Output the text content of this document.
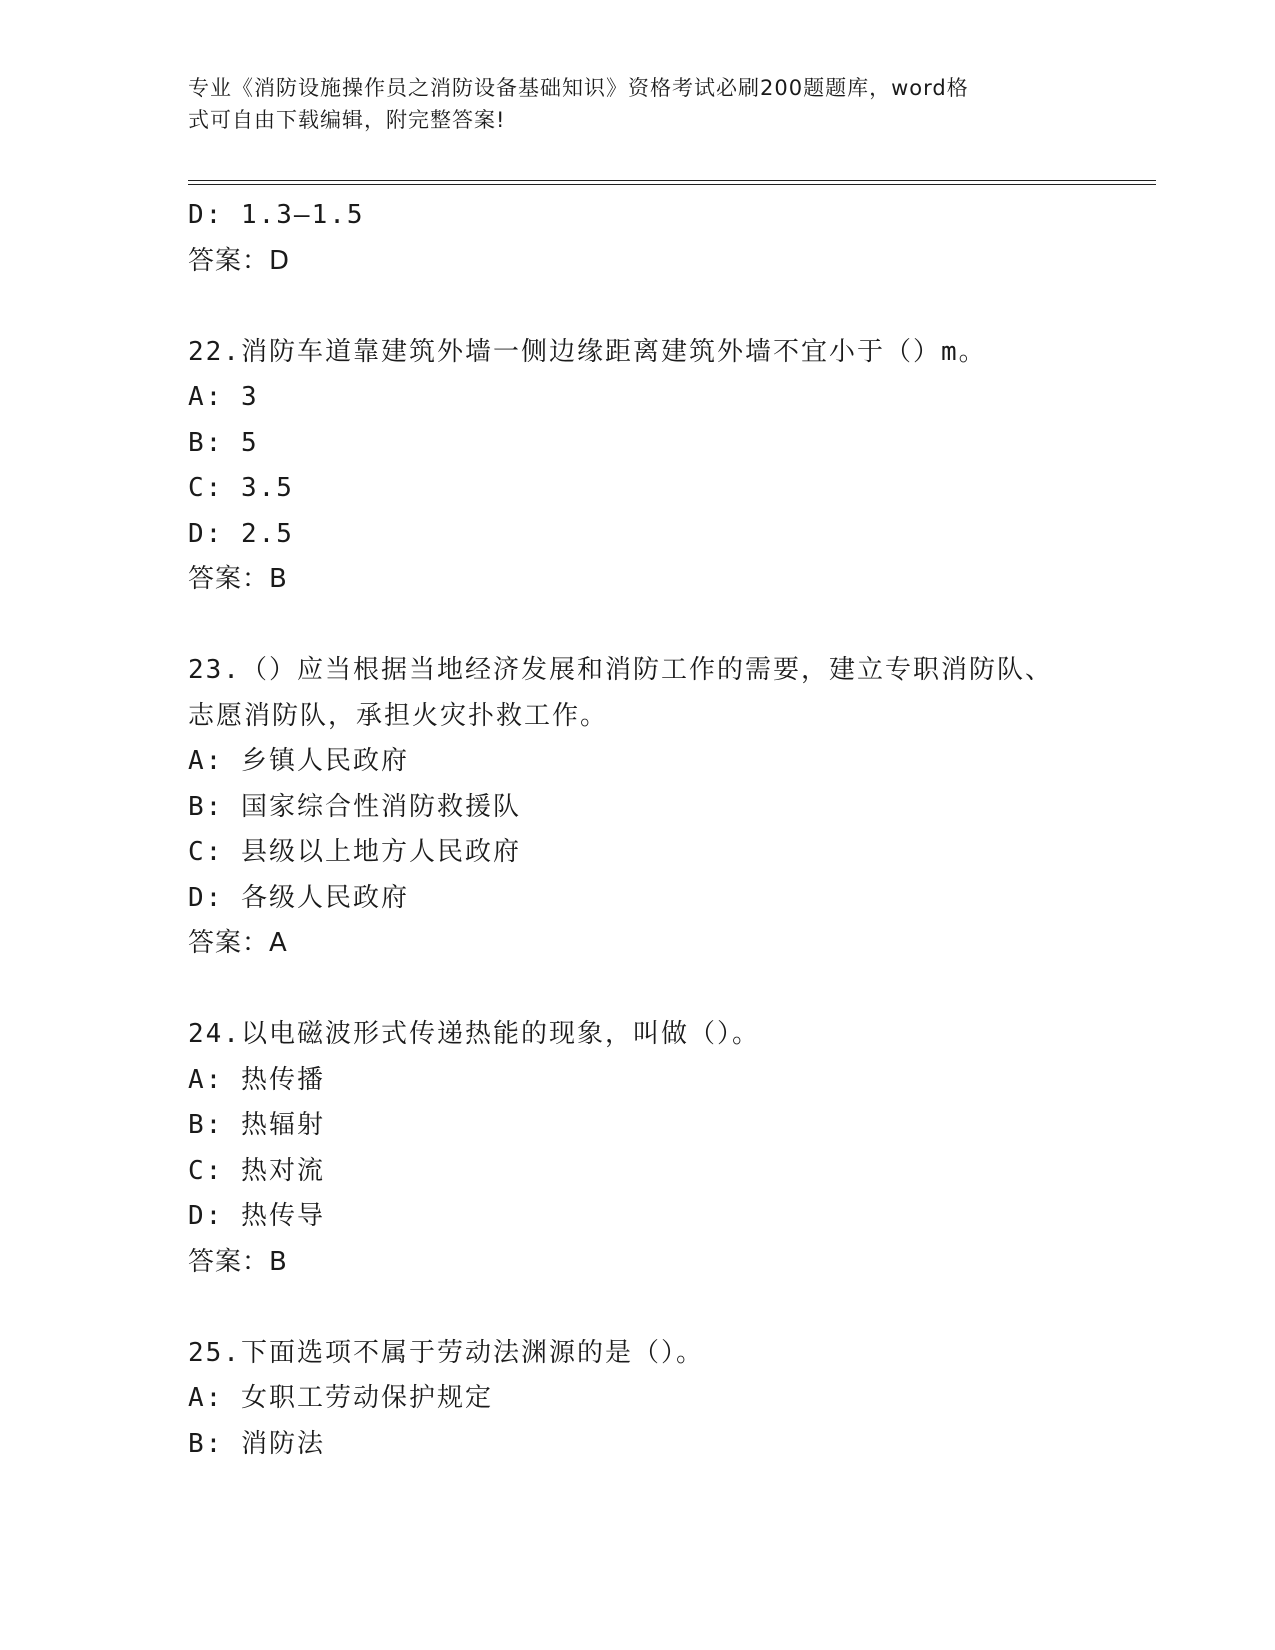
专业《消防设施操作员之消防设备基础知识》资格考试必刷200题题库，word格
式可自由下载编辑，附完整答案!
D: 1.3—1.5
答案：D
22.消防车道靠建筑外墙一侧边缘距离建筑外墙不宜小于（）m。
A: 3
B: 5
C: 3.5
D: 2.5
答案：B
23.（）应当根据当地经济发展和消防工作的需要，建立专职消防队、
志愿消防队，承担火灾扑救工作。
A: 乡镇人民政府
B: 国家综合性消防救援队
C: 县级以上地方人民政府
D: 各级人民政府
答案：A
24.以电磁波形式传递热能的现象，叫做（）。
A: 热传播
B: 热辐射
C: 热对流
D: 热传导
答案：B
25.下面选项不属于劳动法渊源的是（）。
A: 女职工劳动保护规定
B: 消防法
